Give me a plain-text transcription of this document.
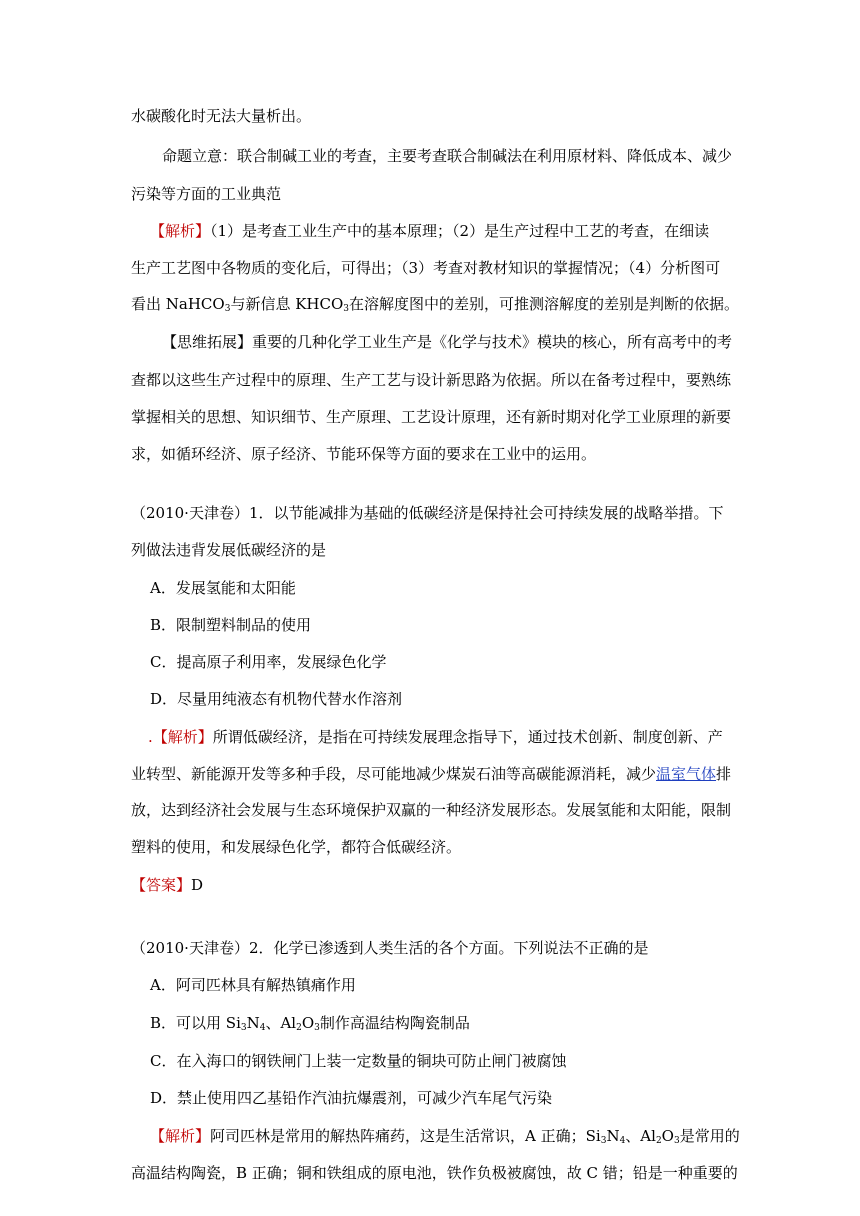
水碳酸化时无法大量析出。
命题立意：联合制碱工业的考查，主要考查联合制碱法在利用原材料、降低成本、减少
污染等方面的工业典范
【解析】（1）是考查工业生产中的基本原理；（2）是生产过程中工艺的考查，在细读
生产工艺图中各物质的变化后，可得出；（3）考查对教材知识的掌握情况；（4）分析图可
看出 NaHCO$_3$与新信息 $KHCO_3$在溶解度图中的差别，可推测溶解度的差别是判断的依据。
【思维拓展】重要的几种化学工业生产是《化学与技术》模块的核心，所有高考中的考
查都以这些生产过程中的原理、生产工艺与设计新思路为依据。所以在备考过程中，要熟练
掌握相关的思想、知识细节、生产原理、工艺设计原理，还有新时期对化学工业原理的新要
求，如循环经济、原子经济、节能环保等方面的要求在工业中的运用。
（2010·天津卷）1．以节能减排为基础的低碳经济是保持社会可持续发展的战略举措。下
列做法违背发展低碳经济的是
A．发展氢能和太阳能
B．限制塑料制品的使用
C．提高原子利用率，发展绿色化学
D．尽量用纯液态有机物代替水作溶剂
.【解析】所谓低碳经济，是指在可持续发展理念指导下，通过技术创新、制度创新、产
业转型、新能源开发等多种手段，尽可能地减少煤炭石油等高碳能源消耗，减少温室气体排
放，达到经济社会发展与生态环境保护双赢的一种经济发展形态。发展氢能和太阳能，限制
塑料的使用，和发展绿色化学，都符合低碳经济。
【答案】D
（2010·天津卷）2．化学已渗透到人类生活的各个方面。下列说法不正确的是
A．阿司匹林具有解热镇痛作用
B．可以用 $Si_3N_4$、$Al_2O_3$制作高温结构陶瓷制品
C．在入海口的钢铁闸门上装一定数量的铜块可防止闸门被腐蚀
D．禁止使用四乙基铅作汽油抗爆震剂，可减少汽车尾气污染
【解析】阿司匹林是常用的解热阵痛药，这是生活常识，A 正确；$Si_3N_4$、$Al_2O_3$是常用的
高温结构陶瓷，B 正确；铜和铁组成的原电池，铁作负极被腐蚀，故 C 错；铅是一种重要的
